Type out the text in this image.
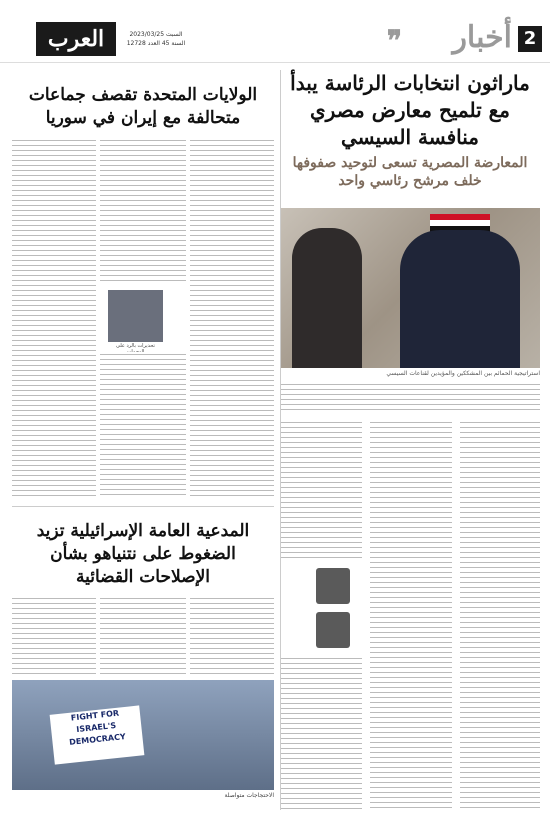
2
أخبار
❞
العرب	السبت 2023/03/25
السنة 45 العدد 12728
ماراثون انتخابات الرئاسة يبدأ مع تلميح معارض مصري منافسة السيسي
المعارضة المصرية تسعى لتوحيد صفوفها خلف مرشح رئاسي واحد
استراتيجية الحمائم بين المشككين والمؤيدين لقناعات السيسي
الولايات المتحدة تقصف جماعات متحالفة مع إيران في سوريا
تحذيرات بالرد على
المدعية العامة الإسرائيلية تزيد الضغوط على نتنياهو بشأن الإصلاحات القضائية
FIGHT FOR ISRAEL'S DEMOCRACY
الاحتجاجات متواصلة
